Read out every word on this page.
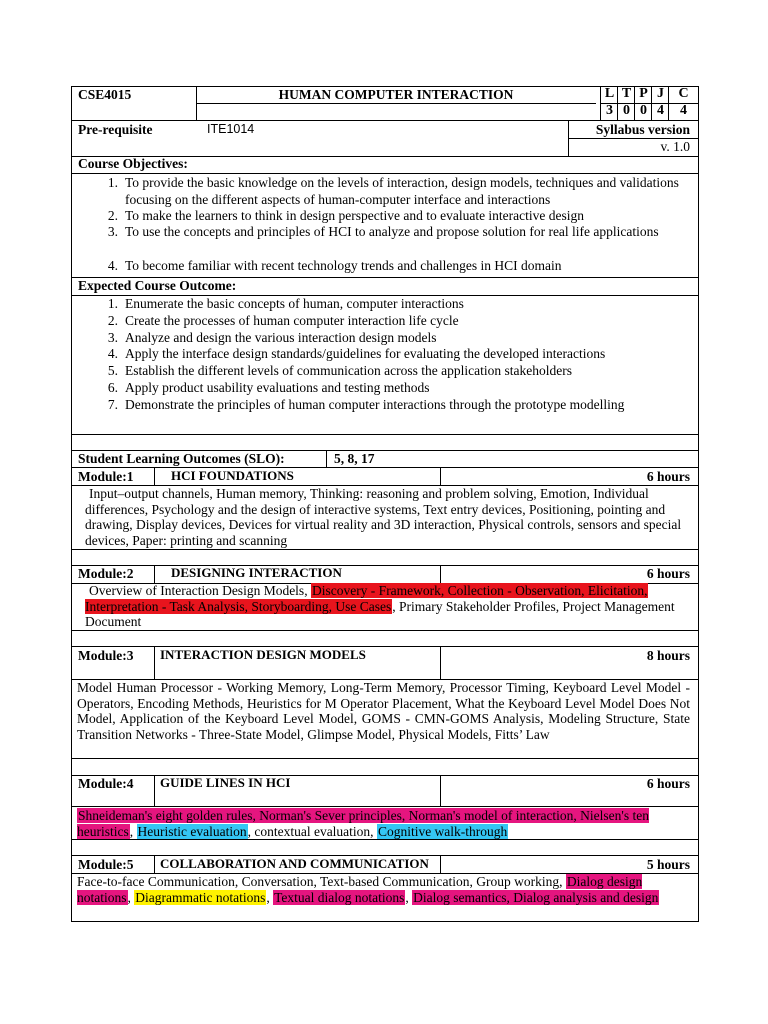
CSE4015	HUMAN COMPUTER INTERACTION	L T P J	C
3 0 0 4	4
Pre-requisite	ITE1014	Syllabus version
v. 1.0
Course Objectives:
1. To provide the basic knowledge on the levels of interaction, design models, techniques and validations focusing on the different aspects of human-computer interface and interactions
2. To make the learners to think in design perspective and to evaluate interactive design
3. To use the concepts and principles of HCI to analyze and propose solution for real life applications
4. To become familiar with recent technology trends and challenges in HCI domain
Expected Course Outcome:
1. Enumerate the basic concepts of human, computer interactions
2. Create the processes of human computer interaction life cycle
3. Analyze and design the various interaction design models
4. Apply the interface design standards/guidelines for evaluating the developed interactions
5. Establish the different levels of communication across the application stakeholders
6. Apply product usability evaluations and testing methods
7. Demonstrate the principles of human computer interactions through the prototype modelling
Student Learning Outcomes (SLO):	5, 8, 17
Module:1	HCI FOUNDATIONS	6 hours
Input–output channels, Human memory, Thinking: reasoning and problem solving, Emotion, Individual differences, Psychology and the design of interactive systems, Text entry devices, Positioning, pointing and drawing, Display devices, Devices for virtual reality and 3D interaction, Physical controls, sensors and special devices, Paper: printing and scanning
Module:2	DESIGNING INTERACTION	6 hours
Overview of Interaction Design Models, Discovery - Framework, Collection - Observation, Elicitation, Interpretation - Task Analysis, Storyboarding, Use Cases, Primary Stakeholder Profiles, Project Management Document
Module:3 INTERACTION DESIGN MODELS	8 hours
Model Human Processor - Working Memory, Long-Term Memory, Processor Timing, Keyboard Level Model - Operators, Encoding Methods, Heuristics for M Operator Placement, What the Keyboard Level Model Does Not Model, Application of the Keyboard Level Model, GOMS - CMN-GOMS Analysis, Modeling Structure, State Transition Networks - Three-State Model, Glimpse Model, Physical Models, Fitts’ Law
Module:4 GUIDE LINES IN HCI	6 hours
Shneideman's eight golden rules, Norman's Sever principles, Norman's model of interaction, Nielsen's ten heuristics, Heuristic evaluation, contextual evaluation, Cognitive walk-through
Module:5 COLLABORATION AND COMMUNICATION	5 hours
Face-to-face Communication, Conversation, Text-based Communication, Group working, Dialog design notations, Diagrammatic notations, Textual dialog notations, Dialog semantics, Dialog analysis and design
